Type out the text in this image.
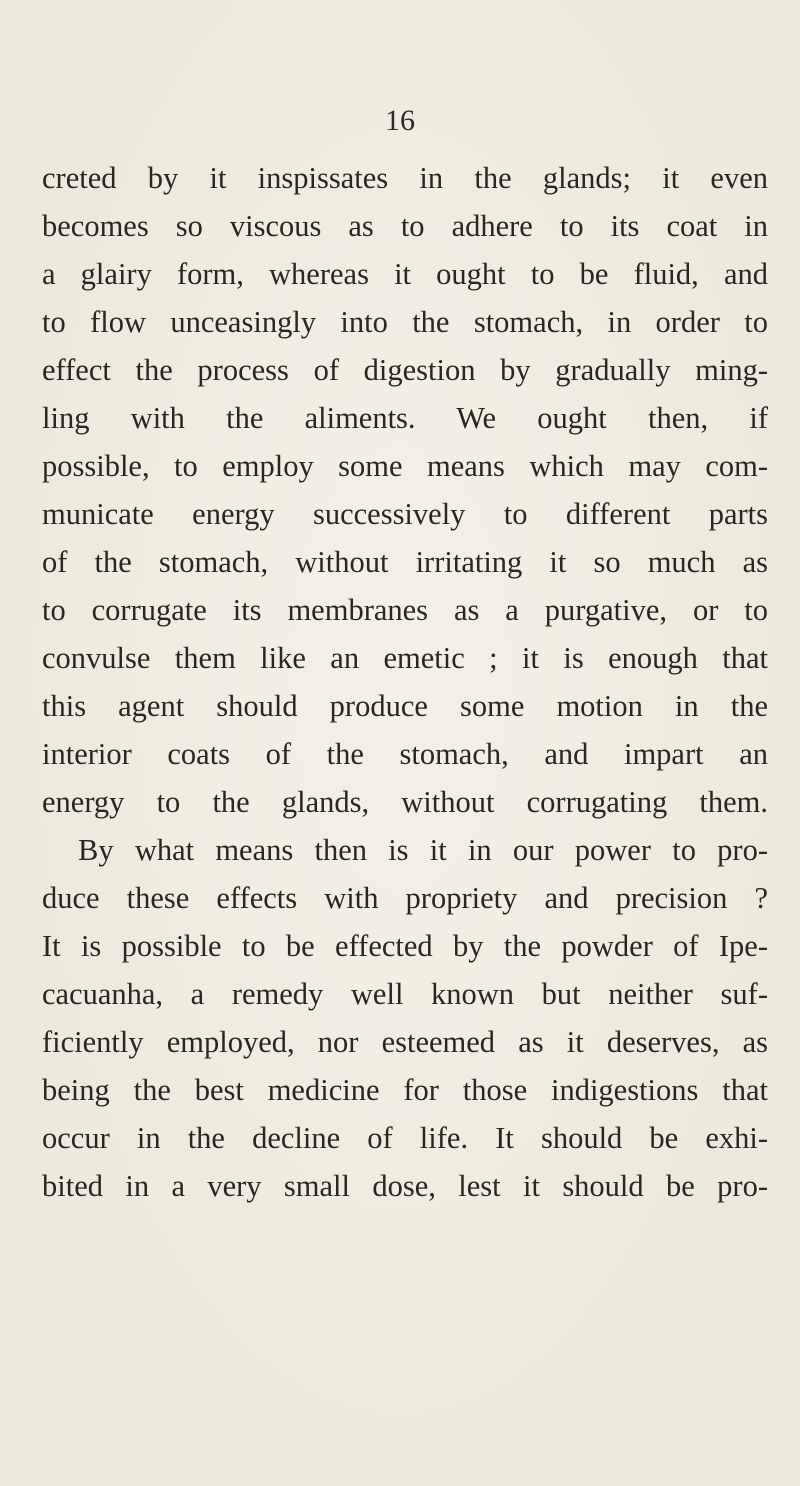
16
creted by it inspissates in the glands; it even
becomes so viscous as to adhere to its coat in
a glairy form, whereas it ought to be fluid, and
to flow unceasingly into the stomach, in order to
effect the process of digestion by gradually ming-
ling with the aliments. We ought then, if
possible, to employ some means which may com-
municate energy successively to different parts
of the stomach, without irritating it so much as
to corrugate its membranes as a purgative, or to
convulse them like an emetic ; it is enough that
this agent should produce some motion in the
interior coats of the stomach, and impart an
energy to the glands, without corrugating them.
By what means then is it in our power to pro-
duce these effects with propriety and precision ?
It is possible to be effected by the powder of Ipe-
cacuanha, a remedy well known but neither suf-
ficiently employed, nor esteemed as it deserves, as
being the best medicine for those indigestions that
occur in the decline of life. It should be exhi-
bited in a very small dose, lest it should be pro-
